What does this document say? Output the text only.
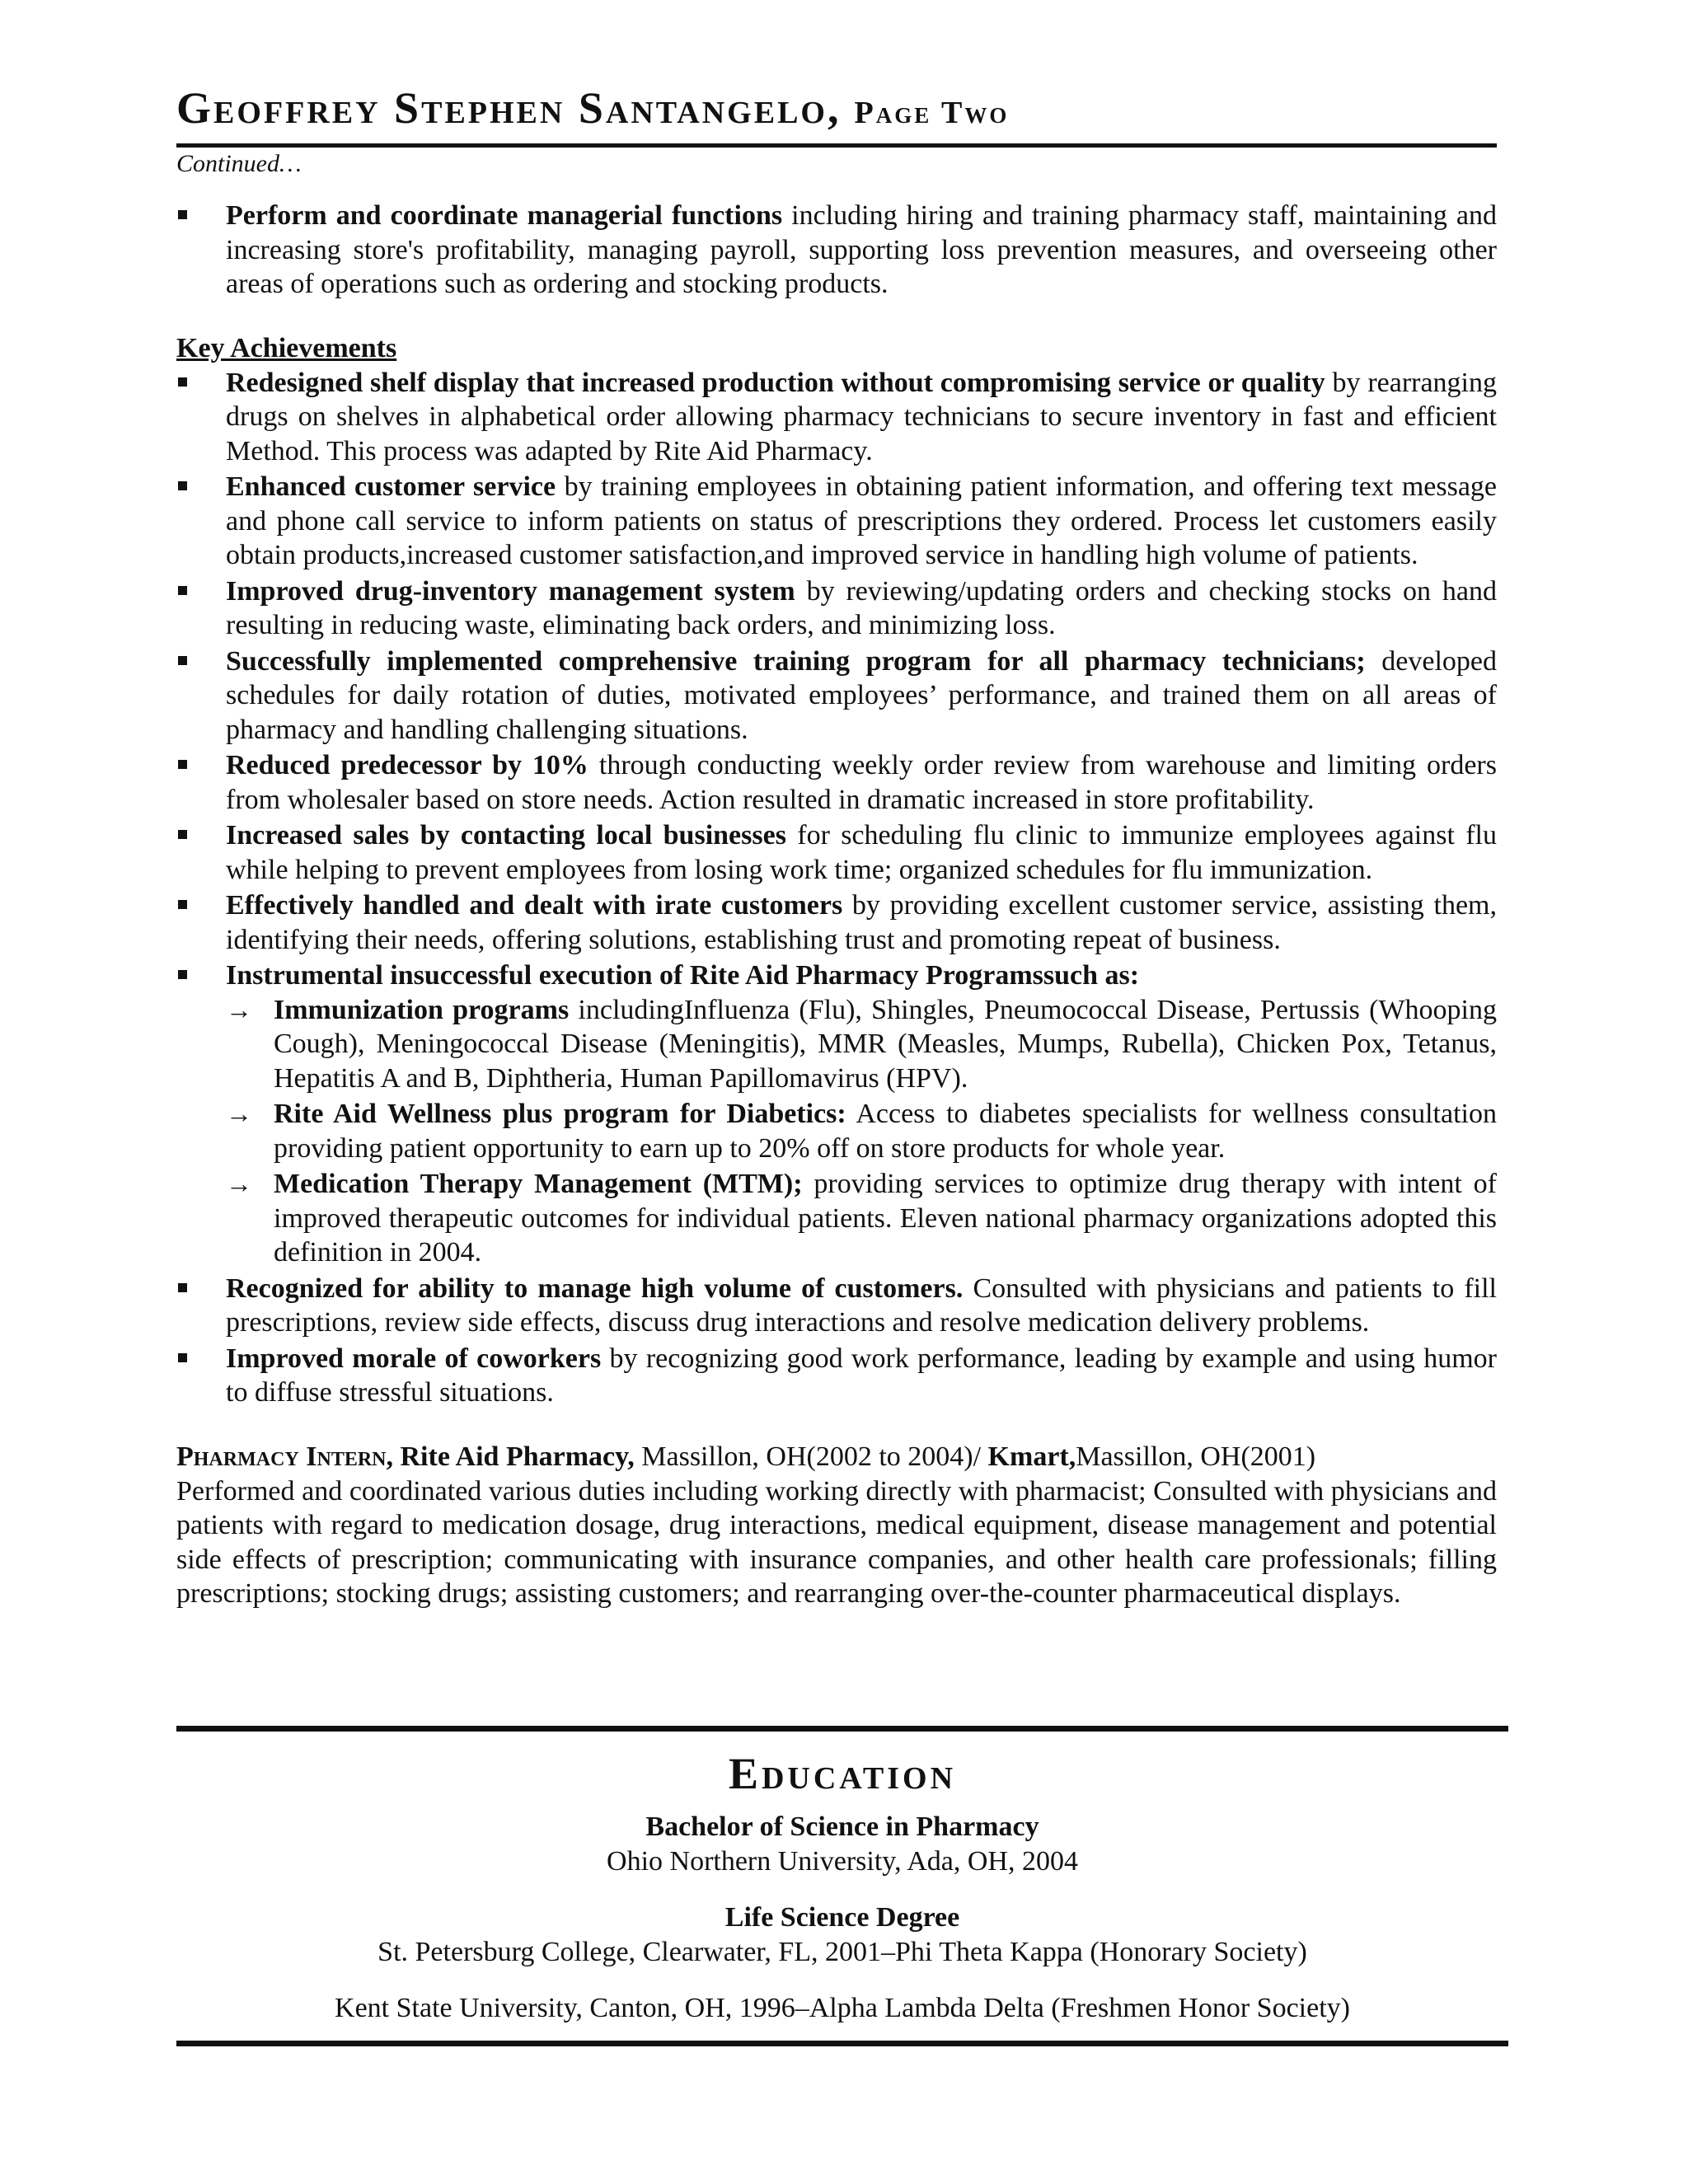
Geoffrey Stephen Santangelo, Page Two
Continued…
Perform and coordinate managerial functions including hiring and training pharmacy staff, maintaining and increasing store's profitability, managing payroll, supporting loss prevention measures, and overseeing other areas of operations such as ordering and stocking products.
Key Achievements
Redesigned shelf display that increased production without compromising service or quality by rearranging drugs on shelves in alphabetical order allowing pharmacy technicians to secure inventory in fast and efficient Method. This process was adapted by Rite Aid Pharmacy.
Enhanced customer service by training employees in obtaining patient information, and offering text message and phone call service to inform patients on status of prescriptions they ordered. Process let customers easily obtain products,increased customer satisfaction,and improved service in handling high volume of patients.
Improved drug-inventory management system by reviewing/updating orders and checking stocks on hand resulting in reducing waste, eliminating back orders, and minimizing loss.
Successfully implemented comprehensive training program for all pharmacy technicians; developed schedules for daily rotation of duties, motivated employees’ performance, and trained them on all areas of pharmacy and handling challenging situations.
Reduced predecessor by 10% through conducting weekly order review from warehouse and limiting orders from wholesaler based on store needs. Action resulted in dramatic increased in store profitability.
Increased sales by contacting local businesses for scheduling flu clinic to immunize employees against flu while helping to prevent employees from losing work time; organized schedules for flu immunization.
Effectively handled and dealt with irate customers by providing excellent customer service, assisting them, identifying their needs, offering solutions, establishing trust and promoting repeat of business.
Instrumental insuccessful execution of Rite Aid Pharmacy Programssuch as:
→ Immunization programs includingInfluenza (Flu), Shingles, Pneumococcal Disease, Pertussis (Whooping Cough), Meningococcal Disease (Meningitis), MMR (Measles, Mumps, Rubella), Chicken Pox, Tetanus, Hepatitis A and B, Diphtheria, Human Papillomavirus (HPV).
→ Rite Aid Wellness plus program for Diabetics: Access to diabetes specialists for wellness consultation providing patient opportunity to earn up to 20% off on store products for whole year.
→ Medication Therapy Management (MTM); providing services to optimize drug therapy with intent of improved therapeutic outcomes for individual patients. Eleven national pharmacy organizations adopted this definition in 2004.
Recognized for ability to manage high volume of customers. Consulted with physicians and patients to fill prescriptions, review side effects, discuss drug interactions and resolve medication delivery problems.
Improved morale of coworkers by recognizing good work performance, leading by example and using humor to diffuse stressful situations.
Pharmacy Intern, Rite Aid Pharmacy, Massillon, OH(2002 to 2004)/ Kmart,Massillon, OH(2001)
Performed and coordinated various duties including working directly with pharmacist; Consulted with physicians and patients with regard to medication dosage, drug interactions, medical equipment, disease management and potential side effects of prescription; communicating with insurance companies, and other health care professionals; filling prescriptions; stocking drugs; assisting customers; and rearranging over-the-counter pharmaceutical displays.
Education
Bachelor of Science in Pharmacy
Ohio Northern University, Ada, OH, 2004
Life Science Degree
St. Petersburg College, Clearwater, FL, 2001–Phi Theta Kappa (Honorary Society)
Kent State University, Canton, OH, 1996–Alpha Lambda Delta (Freshmen Honor Society)
